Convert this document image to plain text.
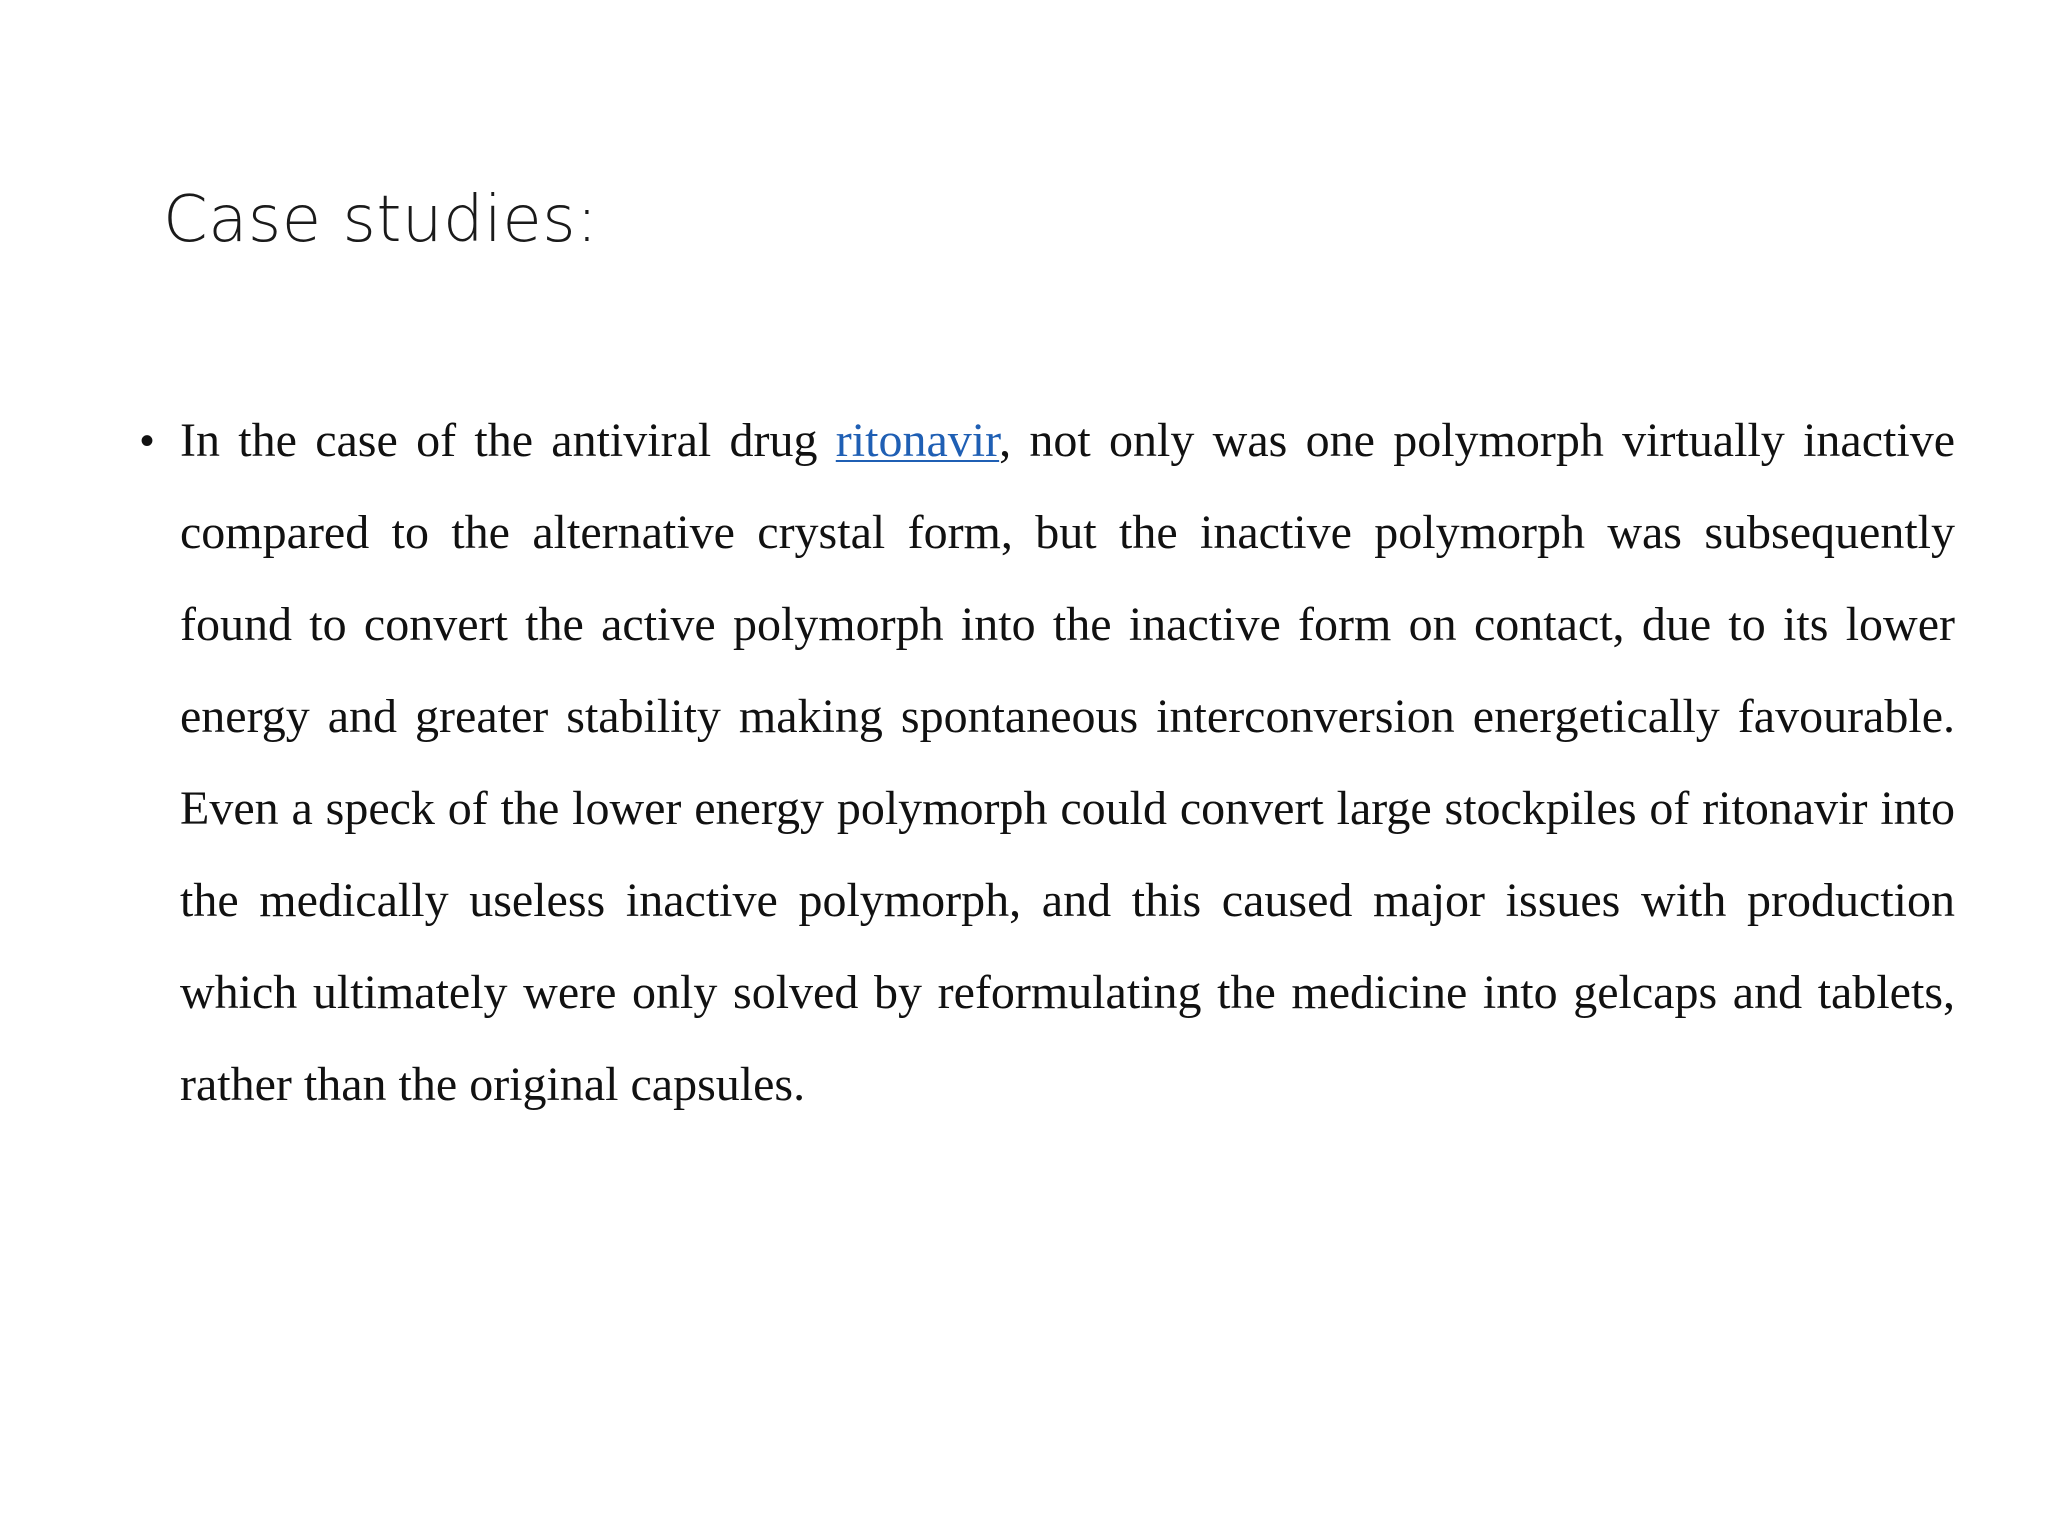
Case studies:
• In the case of the antiviral drug ritonavir, not only was one polymorph virtually inactive compared to the alternative crystal form, but the inactive polymorph was subsequently found to convert the active polymorph into the inactive form on contact, due to its lower energy and greater stability making spontaneous interconversion energetically favourable. Even a speck of the lower energy polymorph could convert large stockpiles of ritonavir into the medically useless inactive polymorph, and this caused major issues with production which ultimately were only solved by reformulating the medicine into gelcaps and tablets, rather than the original capsules.
